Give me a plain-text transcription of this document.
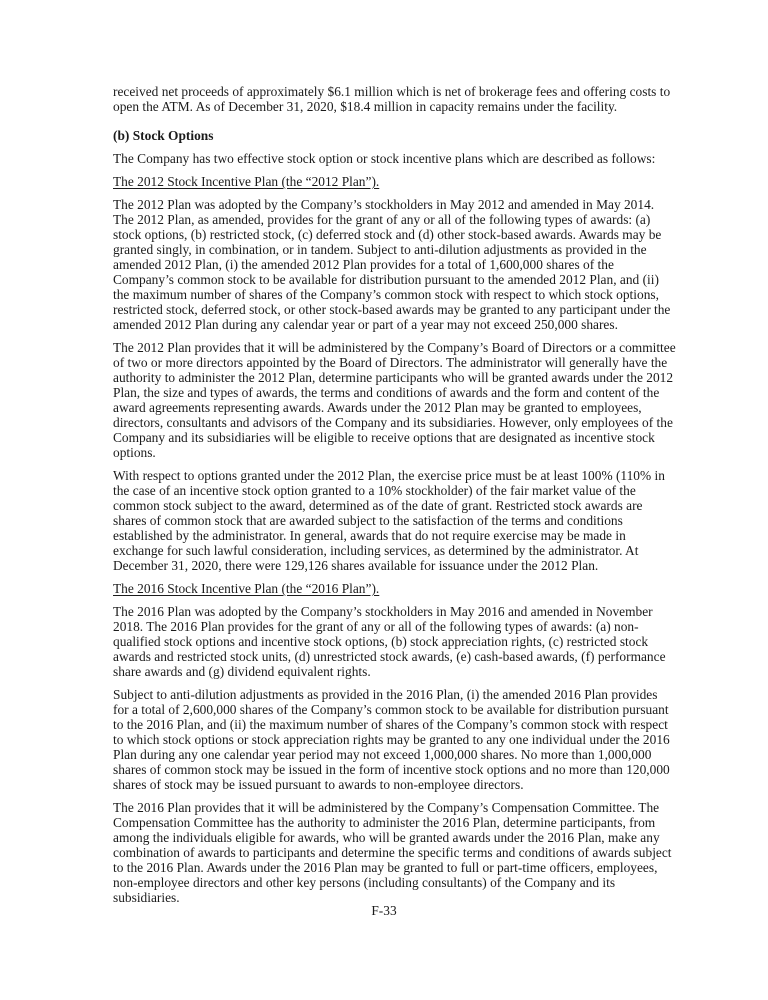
received net proceeds of approximately $6.1 million which is net of brokerage fees and offering costs to open the ATM. As of December 31, 2020, $18.4 million in capacity remains under the facility.

(b) Stock Options

The Company has two effective stock option or stock incentive plans which are described as follows:

The 2012 Stock Incentive Plan (the “2012 Plan”).

The 2012 Plan was adopted by the Company’s stockholders in May 2012 and amended in May 2014. The 2012 Plan, as amended, provides for the grant of any or all of the following types of awards: (a) stock options, (b) restricted stock, (c) deferred stock and (d) other stock-based awards. Awards may be granted singly, in combination, or in tandem. Subject to anti-dilution adjustments as provided in the amended 2012 Plan, (i) the amended 2012 Plan provides for a total of 1,600,000 shares of the Company’s common stock to be available for distribution pursuant to the amended 2012 Plan, and (ii) the maximum number of shares of the Company’s common stock with respect to which stock options, restricted stock, deferred stock, or other stock-based awards may be granted to any participant under the amended 2012 Plan during any calendar year or part of a year may not exceed 250,000 shares.

The 2012 Plan provides that it will be administered by the Company’s Board of Directors or a committee of two or more directors appointed by the Board of Directors. The administrator will generally have the authority to administer the 2012 Plan, determine participants who will be granted awards under the 2012 Plan, the size and types of awards, the terms and conditions of awards and the form and content of the award agreements representing awards. Awards under the 2012 Plan may be granted to employees, directors, consultants and advisors of the Company and its subsidiaries. However, only employees of the Company and its subsidiaries will be eligible to receive options that are designated as incentive stock options.

With respect to options granted under the 2012 Plan, the exercise price must be at least 100% (110% in the case of an incentive stock option granted to a 10% stockholder) of the fair market value of the common stock subject to the award, determined as of the date of grant. Restricted stock awards are shares of common stock that are awarded subject to the satisfaction of the terms and conditions established by the administrator. In general, awards that do not require exercise may be made in exchange for such lawful consideration, including services, as determined by the administrator. At December 31, 2020, there were 129,126 shares available for issuance under the 2012 Plan.

The 2016 Stock Incentive Plan (the “2016 Plan”).

The 2016 Plan was adopted by the Company’s stockholders in May 2016 and amended in November 2018. The 2016 Plan provides for the grant of any or all of the following types of awards: (a) non-qualified stock options and incentive stock options, (b) stock appreciation rights, (c) restricted stock awards and restricted stock units, (d) unrestricted stock awards, (e) cash-based awards, (f) performance share awards and (g) dividend equivalent rights.

Subject to anti-dilution adjustments as provided in the 2016 Plan, (i) the amended 2016 Plan provides for a total of 2,600,000 shares of the Company’s common stock to be available for distribution pursuant to the 2016 Plan, and (ii) the maximum number of shares of the Company’s common stock with respect to which stock options or stock appreciation rights may be granted to any one individual under the 2016 Plan during any one calendar year period may not exceed 1,000,000 shares. No more than 1,000,000 shares of common stock may be issued in the form of incentive stock options and no more than 120,000 shares of stock may be issued pursuant to awards to non-employee directors.

The 2016 Plan provides that it will be administered by the Company’s Compensation Committee. The Compensation Committee has the authority to administer the 2016 Plan, determine participants, from among the individuals eligible for awards, who will be granted awards under the 2016 Plan, make any combination of awards to participants and determine the specific terms and conditions of awards subject to the 2016 Plan. Awards under the 2016 Plan may be granted to full or part-time officers, employees, non-employee directors and other key persons (including consultants) of the Company and its subsidiaries.

F-33
